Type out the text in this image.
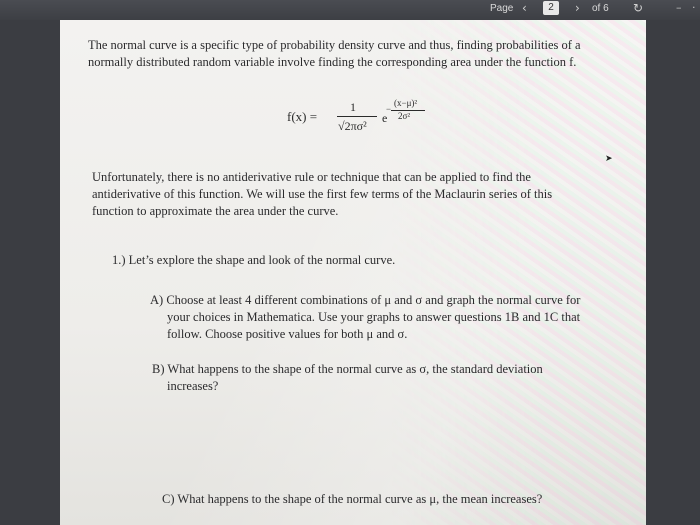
Page ‹	2	› of 6 ↻	– ·
The normal curve is a specific type of probability density curve and thus, finding probabilities of a
normally distributed random variable involve finding the corresponding area under the function f.
f(x) =
1
√2πσ²
e
(x−μ)²
2σ²
−
➤
Unfortunately, there is no antiderivative rule or technique that can be applied to find the
antiderivative of this function. We will use the first few terms of the Maclaurin series of this
function to approximate the area under the curve.
1.) Let’s explore the shape and look of the normal curve.
A) Choose at least 4 different combinations of μ and σ and graph the normal curve for
your choices in Mathematica. Use your graphs to answer questions 1B and 1C that
follow. Choose positive values for both μ and σ.
B) What happens to the shape of the normal curve as σ, the standard deviation
increases?
C) What happens to the shape of the normal curve as μ, the mean increases?
